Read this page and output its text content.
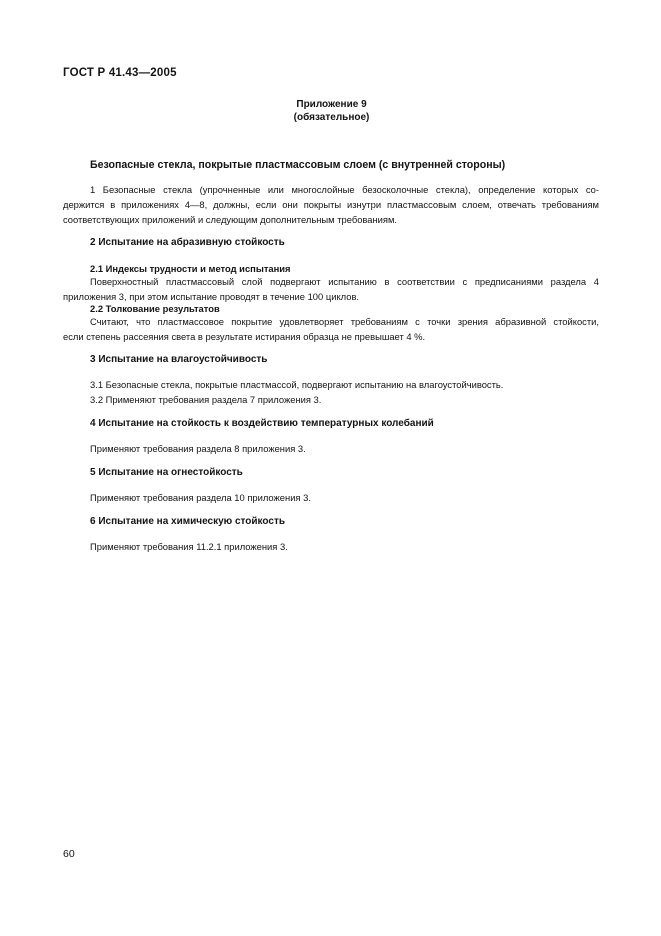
ГОСТ Р 41.43—2005
Приложение 9
(обязательное)
Безопасные стекла, покрытые пластмассовым слоем (с внутренней стороны)
1 Безопасные стекла (упрочненные или многослойные безосколочные стекла), определение которых со-
держится в приложениях 4—8, должны, если они покрыты изнутри пластмассовым слоем, отвечать требованиям
соответствующих приложений и следующим дополнительным требованиям.
2 Испытание на абразивную стойкость
2.1 Индексы трудности и метод испытания
Поверхностный пластмассовый слой подвергают испытанию в соответствии с предписаниями раздела 4
приложения 3, при этом испытание проводят в течение 100 циклов.
2.2 Толкование результатов
Считают, что пластмассовое покрытие удовлетворяет требованиям с точки зрения абразивной стойкости,
если степень рассеяния света в результате истирания образца не превышает 4 %.
3 Испытание на влагоустойчивость
3.1 Безопасные стекла, покрытые пластмассой, подвергают испытанию на влагоустойчивость.
3.2 Применяют требования раздела 7 приложения 3.
4 Испытание на стойкость к воздействию температурных колебаний
Применяют требования раздела 8 приложения 3.
5 Испытание на огнестойкость
Применяют требования раздела 10 приложения 3.
6 Испытание на химическую стойкость
Применяют требования 11.2.1 приложения 3.
60
